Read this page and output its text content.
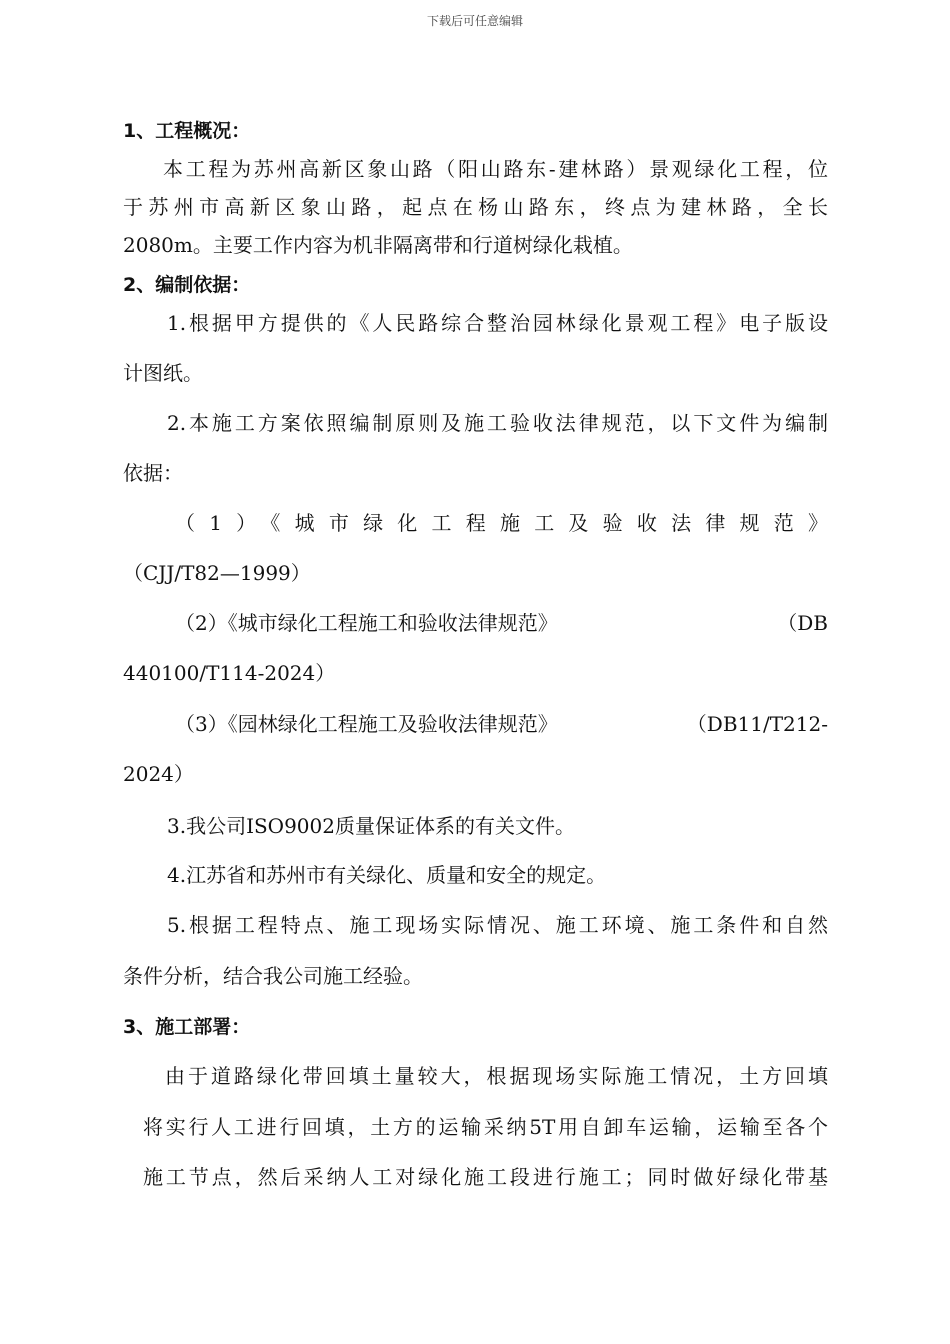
下载后可任意编辑
1、工程概况：
本工程为苏州高新区象山路（阳山路东-建林路）景观绿化工程，位
于苏州市高新区象山路，起点在杨山路东，终点为建林路，全长
2080m。主要工作内容为机非隔离带和行道树绿化栽植。
2、编制依据：
1.根据甲方提供的《人民路综合整治园林绿化景观工程》电子版设
计图纸。
2.本施工方案依照编制原则及施工验收法律规范，以下文件为编制
依据：
（1）《城市绿化工程施工及验收法律规范》
（CJJ/T82—1999）
（2）《城市绿化工程施工和验收法律规范》	（DB
440100/T114-2024）
（3）《园林绿化工程施工及验收法律规范》	（DB11/T212-
2024）
3.我公司ISO9002质量保证体系的有关文件。
4.江苏省和苏州市有关绿化、质量和安全的规定。
5.根据工程特点、施工现场实际情况、施工环境、施工条件和自然
条件分析，结合我公司施工经验。
3、施工部署：
由于道路绿化带回填土量较大，根据现场实际施工情况，土方回填
将实行人工进行回填，土方的运输采纳5T用自卸车运输，运输至各个
施工节点，然后采纳人工对绿化施工段进行施工；同时做好绿化带基
